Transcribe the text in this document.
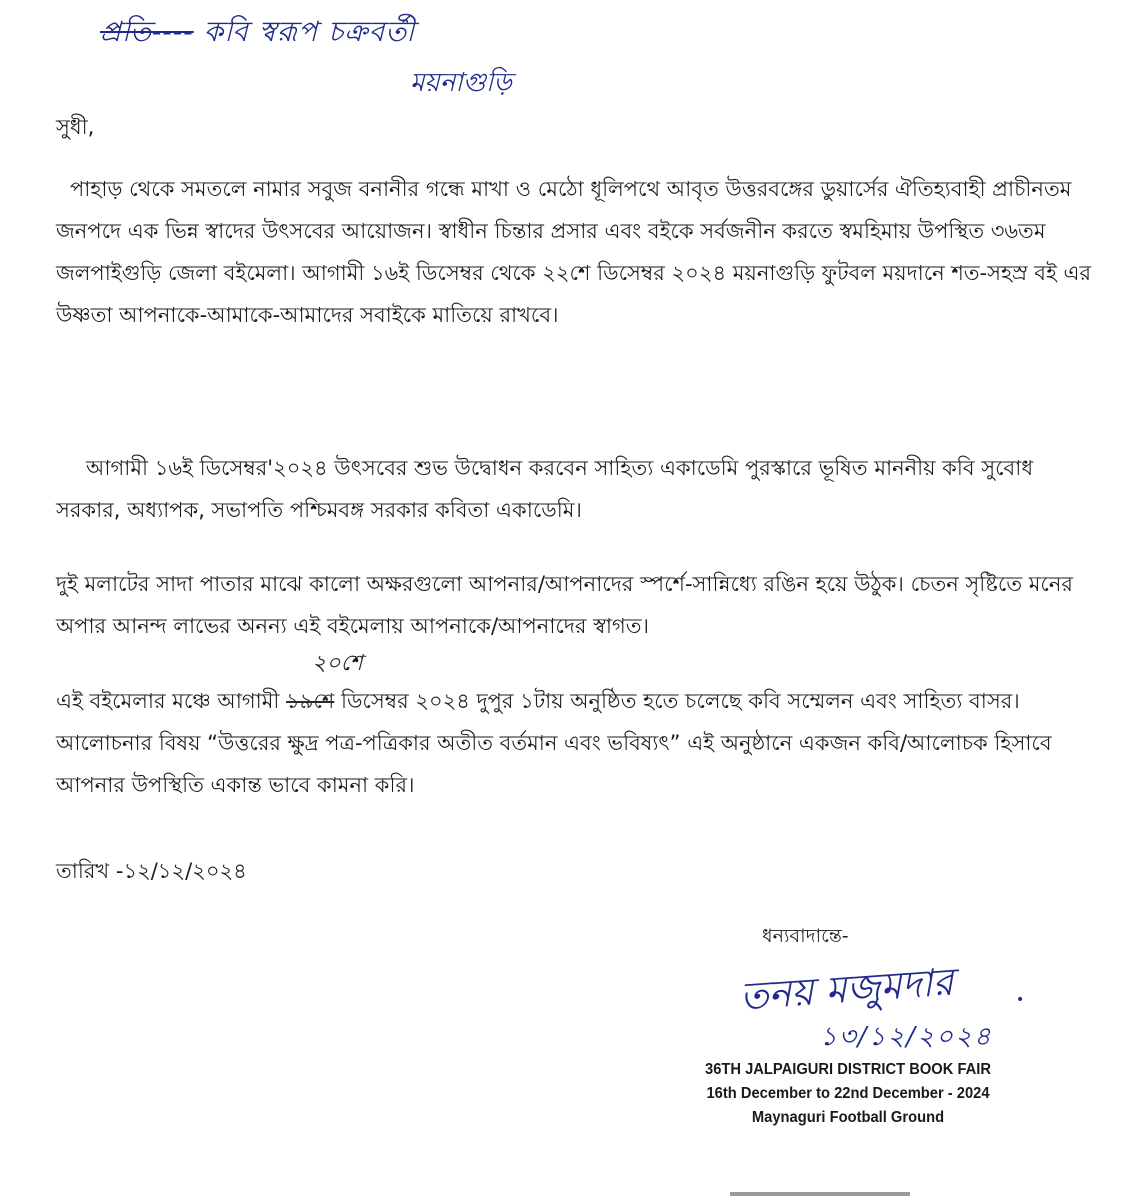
প্রতি---- কবি স্বরূপ চক্রবর্তী
ময়নাগুড়ি
সুধী,
পাহাড় থেকে সমতলে নামার সবুজ বনানীর গন্ধে মাখা ও মেঠো ধূলিপথে আবৃত উত্তরবঙ্গের ডুয়ার্সের ঐতিহ্যবাহী প্রাচীনতম জনপদে এক ভিন্ন স্বাদের উৎসবের আয়োজন। স্বাধীন চিন্তার প্রসার এবং বইকে সর্বজনীন করতে স্বমহিমায় উপস্থিত ৩৬তম জলপাইগুড়ি জেলা বইমেলা। আগামী ১৬ই ডিসেম্বর থেকে ২২শে ডিসেম্বর ২০২৪ ময়নাগুড়ি ফুটবল ময়দানে শত-সহস্র বই এর উষ্ণতা আপনাকে-আমাকে-আমাদের সবাইকে মাতিয়ে রাখবে।
আগামী ১৬ই ডিসেম্বর'২০২৪ উৎসবের শুভ উদ্বোধন করবেন সাহিত্য একাডেমি পুরস্কারে ভূষিত মাননীয় কবি সুবোধ সরকার, অধ্যাপক, সভাপতি পশ্চিমবঙ্গ সরকার কবিতা একাডেমি।
দুই মলাটের সাদা পাতার মাঝে কালো অক্ষরগুলো আপনার/আপনাদের স্পর্শে-সান্নিধ্যে রঙিন হয়ে উঠুক। চেতন সৃষ্টিতে মনের অপার আনন্দ লাভের অনন্য এই বইমেলায় আপনাকে/আপনাদের স্বাগত।
২০শে
এই বইমেলার মঞ্চে আগামী ১৯শে ডিসেম্বর ২০২৪ দুপুর ১টায় অনুষ্ঠিত হতে চলেছে কবি সম্মেলন এবং সাহিত্য বাসর। আলোচনার বিষয় “উত্তরের ক্ষুদ্র পত্র-পত্রিকার অতীত বর্তমান এবং ভবিষ্যৎ” এই অনুষ্ঠানে একজন কবি/আলোচক হিসাবে আপনার উপস্থিতি একান্ত ভাবে কামনা করি।
তারিখ -১২/১২/২০২৪
ধন্যবাদান্তে-
তনয় মজুমদার	•
১৩/১২/২০২৪
36TH JALPAIGURI DISTRICT BOOK FAIR
16th December to 22nd December - 2024
Maynaguri Football Ground
